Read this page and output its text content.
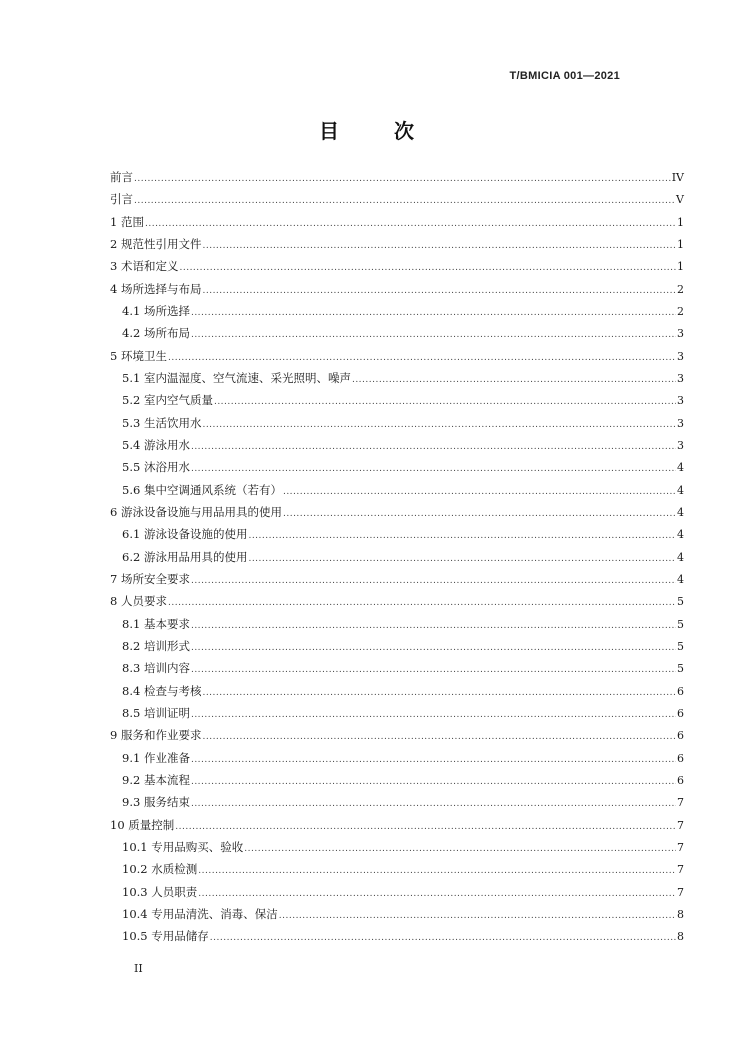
T/BMICIA 001—2021
目 次
前言 .....	IV
引言 .....	V
1 范围 .....	1
2 规范性引用文件 .....	1
3 术语和定义 .....	1
4 场所选择与布局 .....	2
4.1 场所选择 .....	2
4.2 场所布局 .....	3
5 环境卫生 .....	3
5.1 室内温湿度、空气流速、采光照明、噪声 .....	3
5.2 室内空气质量 .....	3
5.3 生活饮用水 .....	3
5.4 游泳用水 .....	3
5.5 沐浴用水 .....	4
5.6 集中空调通风系统（若有） .....	4
6 游泳设备设施与用品用具的使用 .....	4
6.1 游泳设备设施的使用 .....	4
6.2 游泳用品用具的使用 .....	4
7 场所安全要求 .....	4
8 人员要求 .....	5
8.1 基本要求 .....	5
8.2 培训形式 .....	5
8.3 培训内容 .....	5
8.4 检查与考核 .....	6
8.5 培训证明 .....	6
9 服务和作业要求 .....	6
9.1 作业准备 .....	6
9.2 基本流程 .....	6
9.3 服务结束 .....	7
10 质量控制 .....	7
10.1 专用品购买、验收 .....	7
10.2 水质检测 .....	7
10.3 人员职责 .....	7
10.4 专用品清洗、消毒、保洁 .....	8
10.5 专用品储存 .....	8
II
